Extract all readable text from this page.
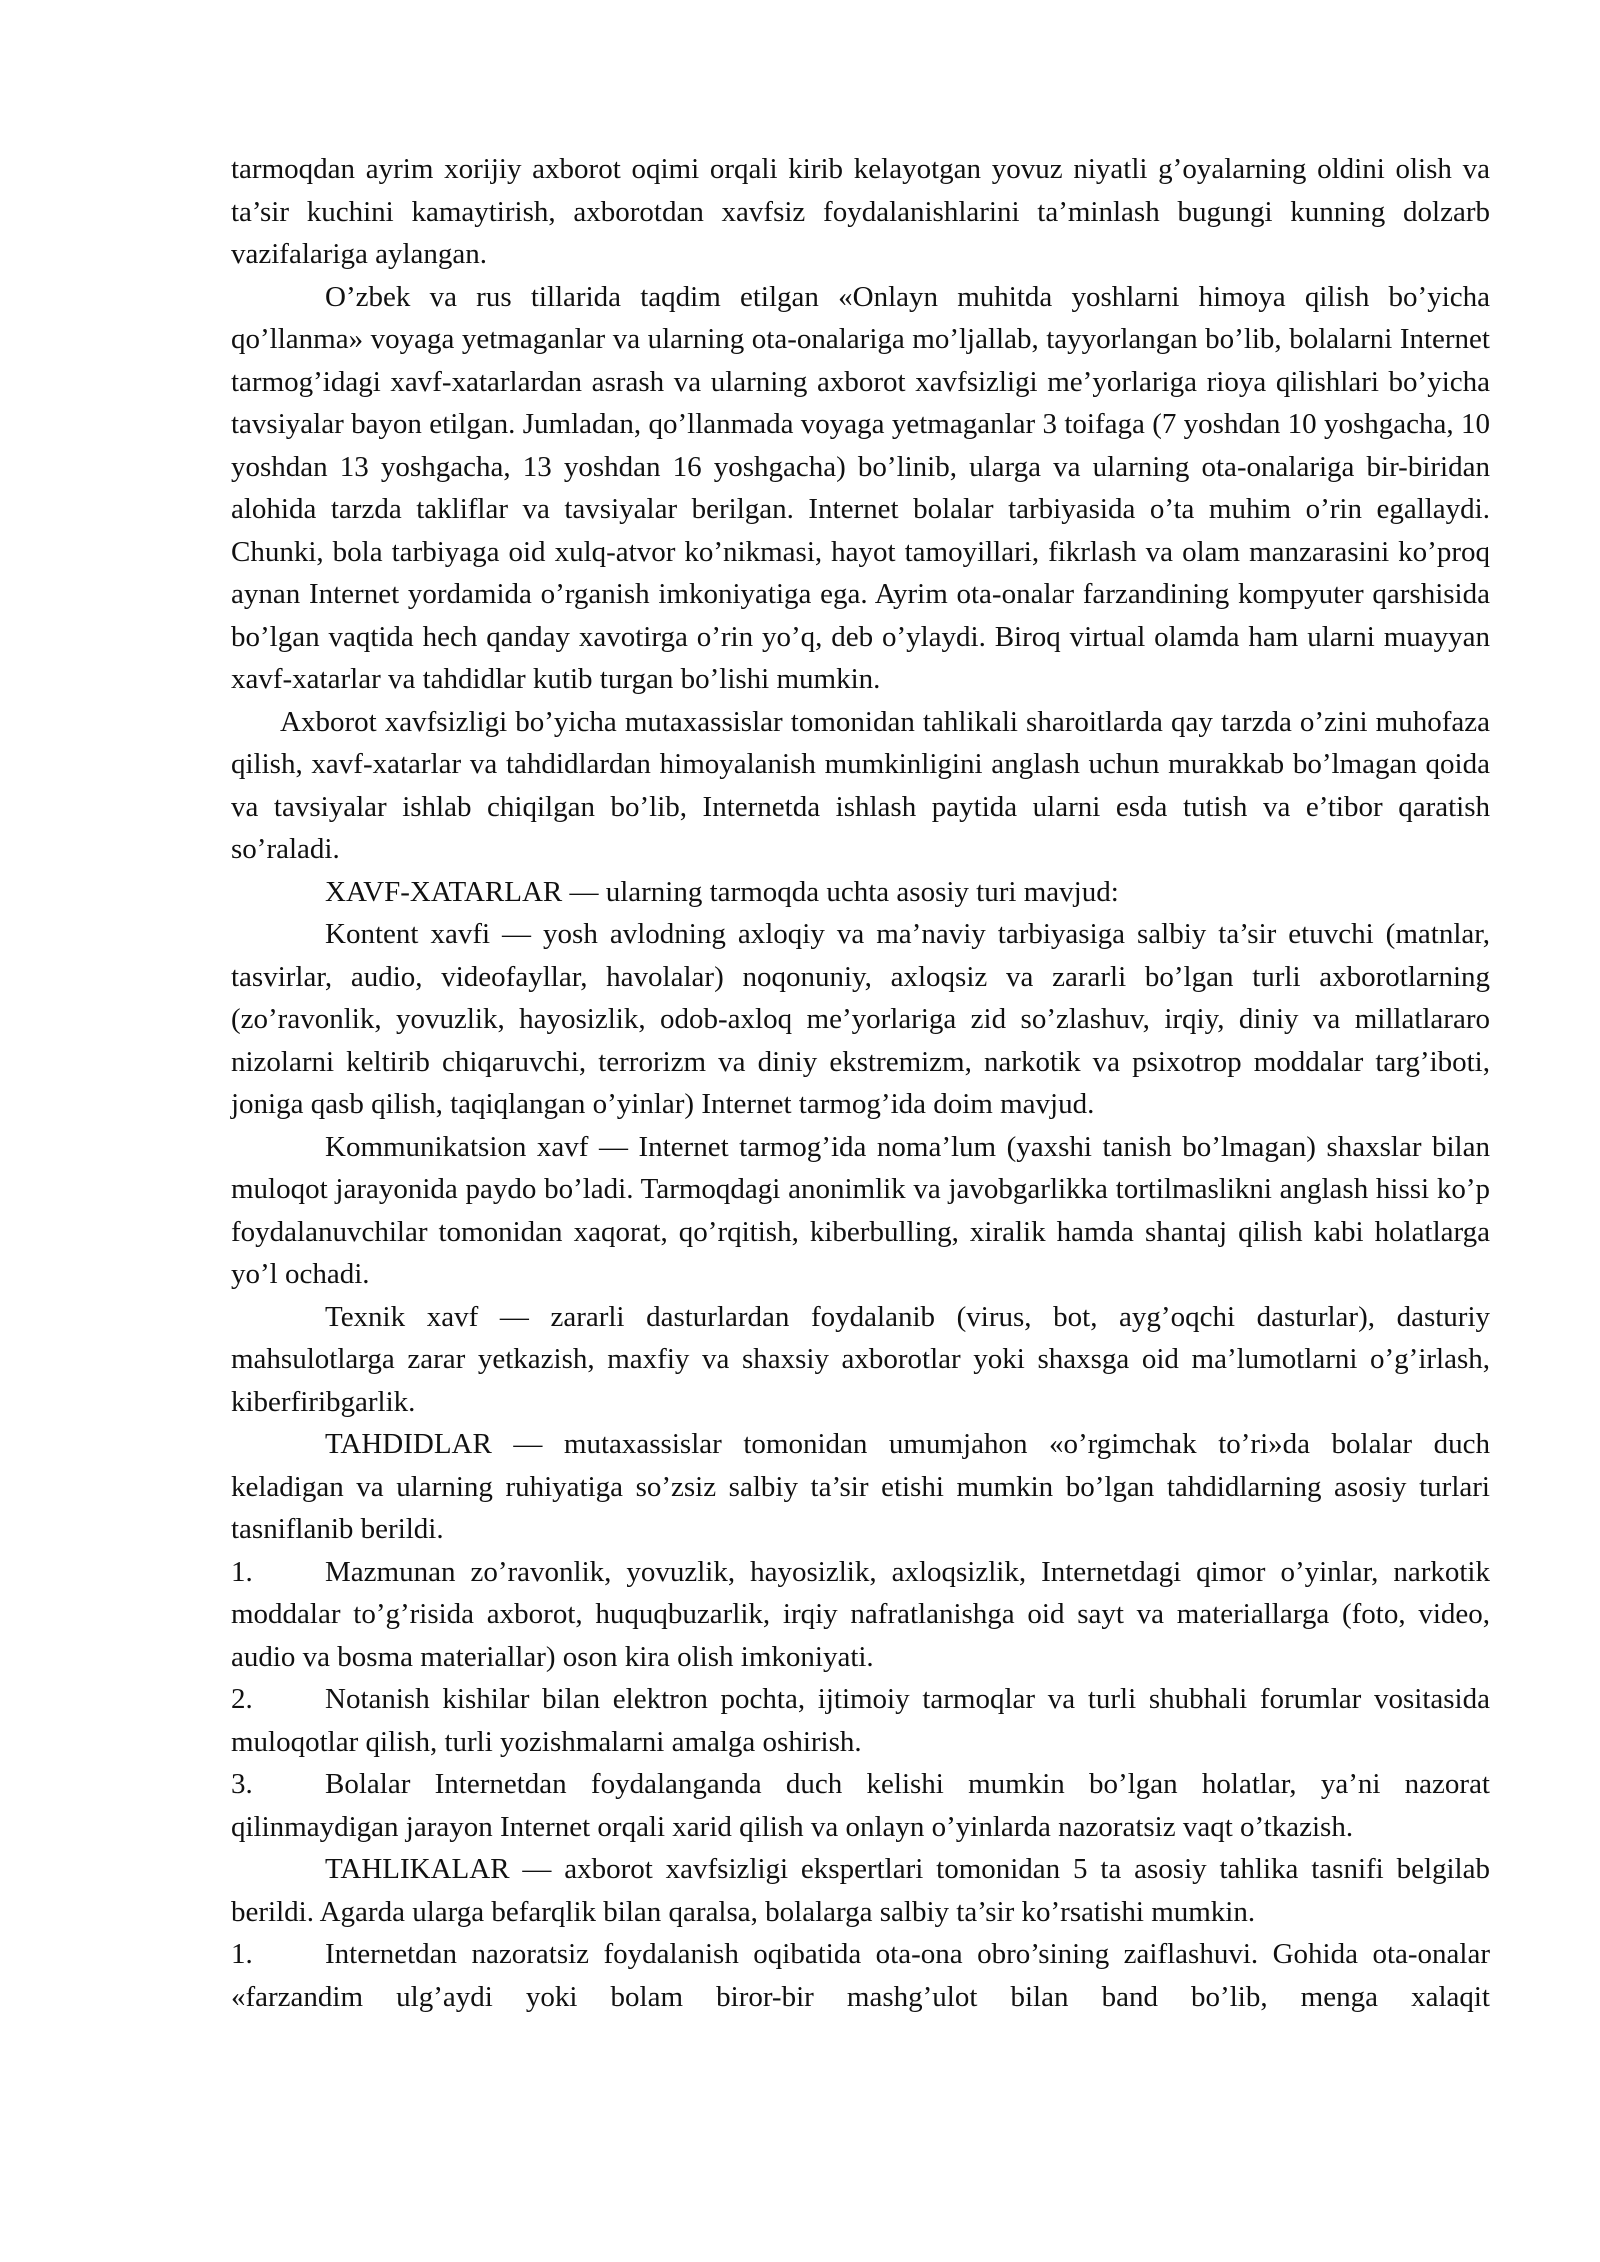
tarmoqdan ayrim xorijiy axborot oqimi orqali kirib kelayotgan yovuz niyatli g’oyalarning oldini olish va ta’sir kuchini kamaytirish, axborotdan xavfsiz foydalanishlarini ta’minlash bugungi kunning dolzarb vazifalariga aylangan.

O’zbek va rus tillarida taqdim etilgan «Onlayn muhitda yoshlarni himoya qilish bo’yicha qo’llanma» voyaga yetmaganlar va ularning ota-onalariga mo’ljallab, tayyorlangan bo’lib, bolalarni Internet tarmog’idagi xavf-xatarlardan asrash va ularning axborot xavfsizligi me’yorlariga rioya qilishlari bo’yicha tavsiyalar bayon etilgan. Jumladan, qo’llanmada voyaga yetmaganlar 3 toifaga (7 yoshdan 10 yoshgacha, 10 yoshdan 13 yoshgacha, 13 yoshdan 16 yoshgacha) bo’linib, ularga va ularning ota-onalariga bir-biridan alohida tarzda takliflar va tavsiyalar berilgan. Internet bolalar tarbiyasida o’ta muhim o’rin egallaydi. Chunki, bola tarbiyaga oid xulq-atvor ko’nikmasi, hayot tamoyillari, fikrlash va olam manzarasini ko’proq aynan Internet yordamida o’rganish imkoniyatiga ega. Ayrim ota-onalar farzandining kompyuter qarshisida bo’lgan vaqtida hech qanday xavotirga o’rin yo’q, deb o’ylaydi. Biroq virtual olamda ham ularni muayyan xavf-xatarlar va tahdidlar kutib turgan bo’lishi mumkin.

Axborot xavfsizligi bo’yicha mutaxassislar tomonidan tahlikali sharoitlarda qay tarzda o’zini muhofaza qilish, xavf-xatarlar va tahdidlardan himoyalanish mumkinligini anglash uchun murakkab bo’lmagan qoida va tavsiyalar ishlab chiqilgan bo’lib, Internetda ishlash paytida ularni esda tutish va e’tibor qaratish so’raladi.

XAVF-XATARLAR — ularning tarmoqda uchta asosiy turi mavjud:

Kontent xavfi — yosh avlodning axloqiy va ma’naviy tarbiyasiga salbiy ta’sir etuvchi (matnlar, tasvirlar, audio, videofayllar, havolalar) noqonuniy, axloqsiz va zararli bo’lgan turli axborotlarning (zo’ravonlik, yovuzlik, hayosizlik, odob-axloq me’yorlariga zid so’zlashuv, irqiy, diniy va millatlararo nizolarni keltirib chiqaruvchi, terrorizm va diniy ekstremizm, narkotik va psixotrop moddalar targ’iboti, joniga qasb qilish, taqiqlangan o’yinlar) Internet tarmog’ida doim mavjud.

Kommunikatsion xavf — Internet tarmog’ida noma’lum (yaxshi tanish bo’lmagan) shaxslar bilan muloqot jarayonida paydo bo’ladi. Tarmoqdagi anonimlik va javobgarlikka tortilmaslikni anglash hissi ko’p foydalanuvchilar tomonidan xaqorat, qo’rqitish, kiberbulling, xiralik hamda shantaj qilish kabi holatlarga yo’l ochadi.

Texnik xavf — zararli dasturlardan foydalanib (virus, bot, ayg’oqchi dasturlar), dasturiy mahsulotlarga zarar yetkazish, maxfiy va shaxsiy axborotlar yoki shaxsga oid ma’lumotlarni o’g’irlash, kiberfiribgarlik.

TAHDIDLAR — mutaxassislar tomonidan umumjahon «o’rgimchak to’ri»da bolalar duch keladigan va ularning ruhiyatiga so’zsiz salbiy ta’sir etishi mumkin bo’lgan tahdidlarning asosiy turlari tasniflanib berildi.

1. Mazmunan zo’ravonlik, yovuzlik, hayosizlik, axloqsizlik, Internetdagi qimor o’yinlar, narkotik moddalar to’g’risida axborot, huquqbuzarlik, irqiy nafratlanishga oid sayt va materiallarga (foto, video, audio va bosma materiallar) oson kira olish imkoniyati.

2. Notanish kishilar bilan elektron pochta, ijtimoiy tarmoqlar va turli shubhali forumlar vositasida muloqotlar qilish, turli yozishmalarni amalga oshirish.

3. Bolalar Internetdan foydalanganda duch kelishi mumkin bo’lgan holatlar, ya’ni nazorat qilinmaydigan jarayon Internet orqali xarid qilish va onlayn o’yinlarda nazoratsiz vaqt o’tkazish.

TAHLIKALAR — axborot xavfsizligi ekspertlari tomonidan 5 ta asosiy tahlika tasnifi belgilab berildi. Agarda ularga befarqlik bilan qaralsa, bolalarga salbiy ta’sir ko’rsatishi mumkin.

1. Internetdan nazoratsiz foydalanish oqibatida ota-ona obro’sining zaiflashuvi. Gohida ota-onalar «farzandim ulg’aydi yoki bolam biror-bir mashg’ulot bilan band bo’lib, menga xalaqit
